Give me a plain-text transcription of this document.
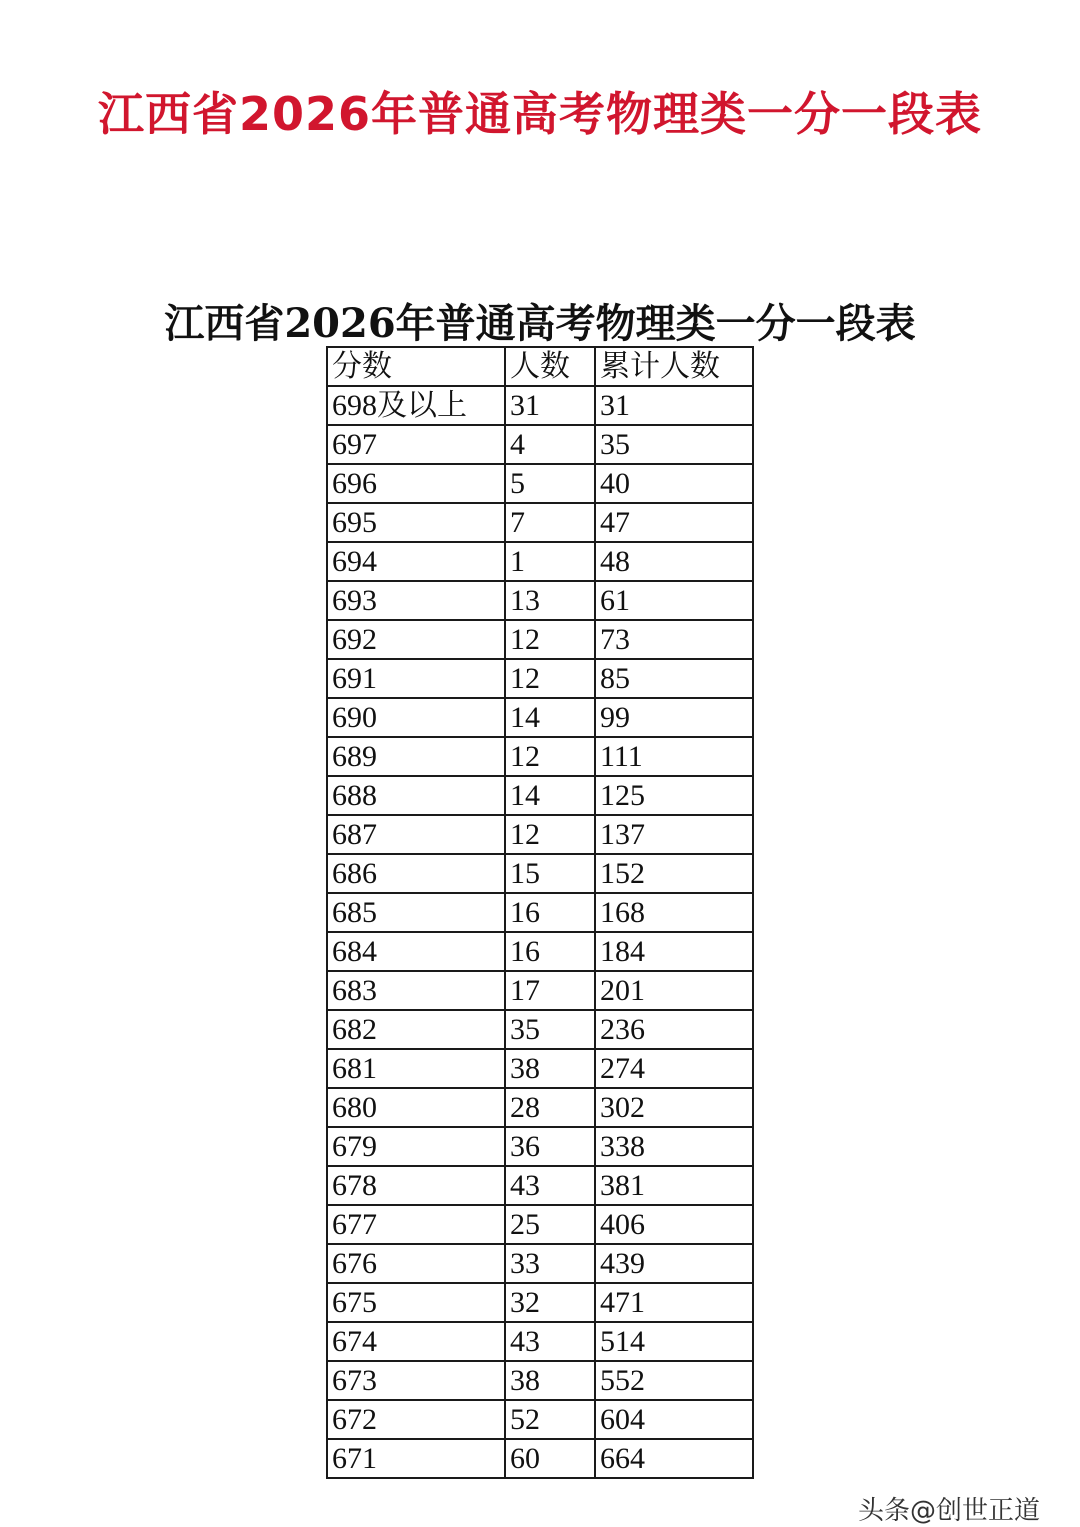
江西省2026年普通高考物理类一分一段表
江西省2026年普通高考物理类一分一段表
分数	人数	累计人数
698及以上	31	31
697	4	35
696	5	40
695	7	47
694	1	48
693	13	61
692	12	73
691	12	85
690	14	99
689	12	111
688	14	125
687	12	137
686	15	152
685	16	168
684	16	184
683	17	201
682	35	236
681	38	274
680	28	302
679	36	338
678	43	381
677	25	406
676	33	439
675	32	471
674	43	514
673	38	552
672	52	604
671	60	664
头条@创世正道
